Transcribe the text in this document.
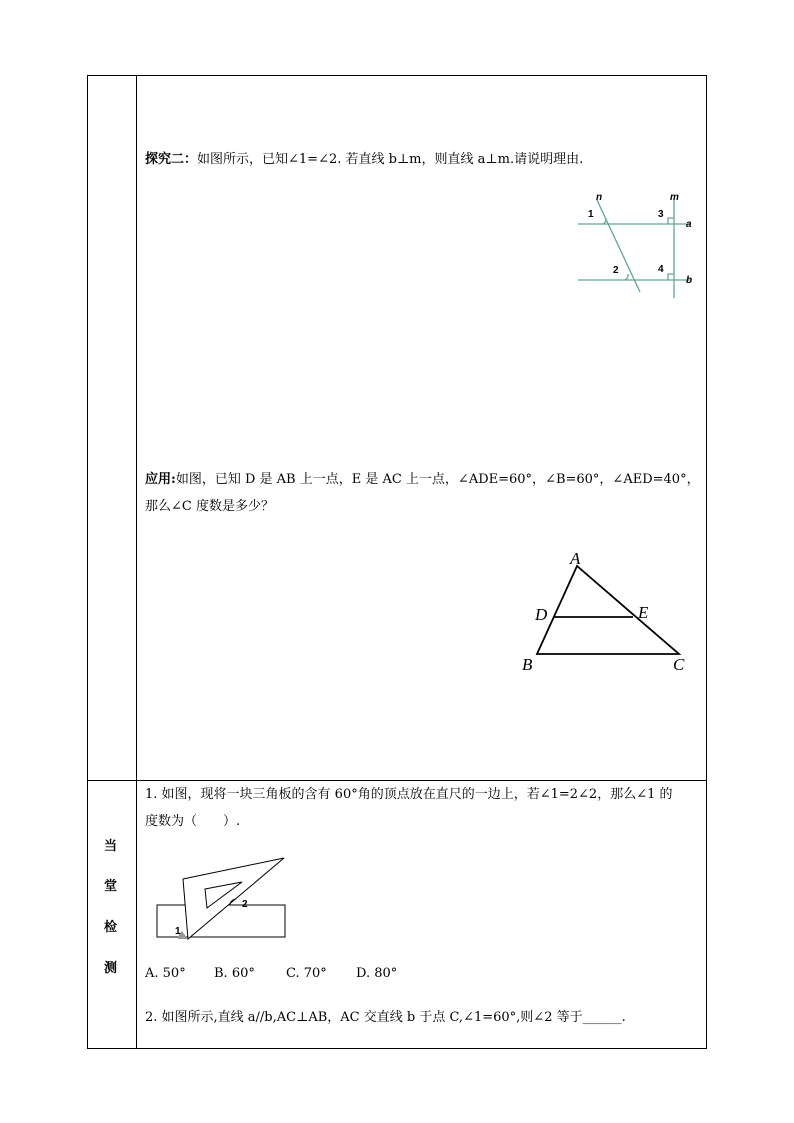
探究二：如图所示，已知∠1=∠2. 若直线 b⊥m，则直线 a⊥m.请说明理由.
n	m
a
b
1
2
3
4
应用:如图，已知 D 是 AB 上一点，E 是 AC 上一点，∠ADE=60°，∠B=60°，∠AED=40°，
那么∠C 度数是多少？
A
B	C
D	E
当
堂
检
测
1. 如图，现将一块三角板的含有 60°角的顶点放在直尺的一边上，若∠1=2∠2，那么∠1 的
度数为（　　）.
1
2
A. 50° B. 60° C. 70° D. 80°
2. 如图所示,直线 a//b,AC⊥AB，AC 交直线 b 于点 C,∠1=60°,则∠2 等于______.
